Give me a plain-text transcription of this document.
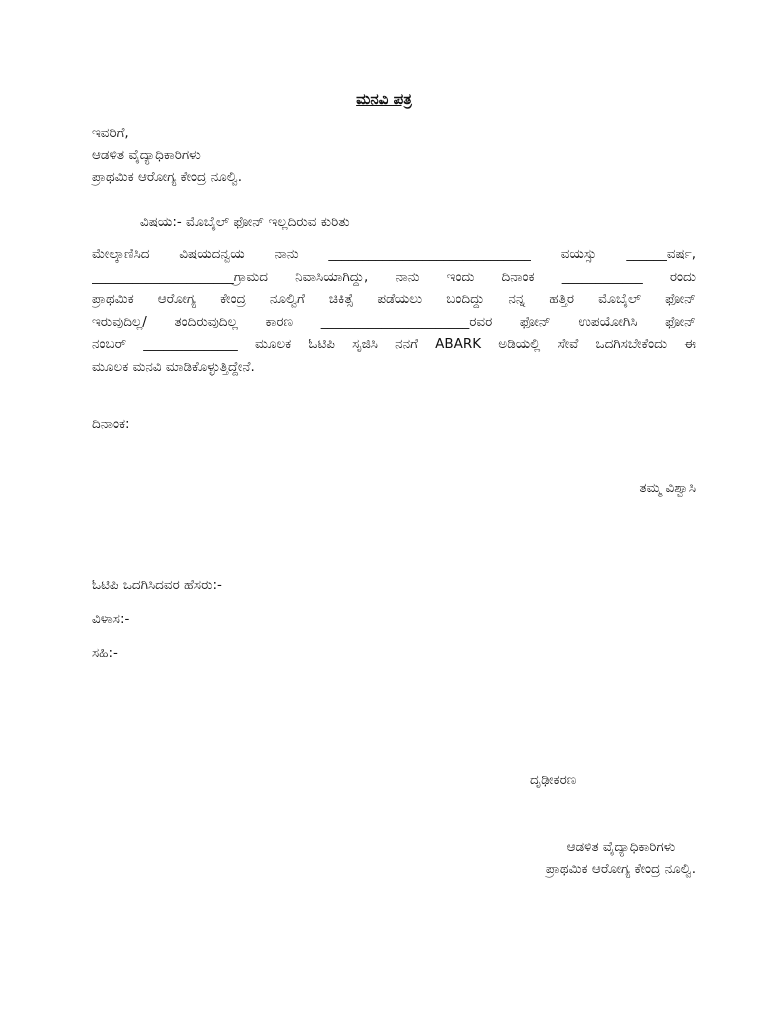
ಮನವಿ ಪತ್ರ
ಇವರಿಗೆ,
ಆಡಳಿತ ವೈದ್ಯಾಧಿಕಾರಿಗಳು
ಪ್ರಾಥಮಿಕ ಆರೋಗ್ಯ ಕೇಂದ್ರ ನೂಲ್ವಿ.
ವಿಷಯ:- ಮೊಬೈಲ್ ಫೋನ್ ಇಲ್ಲದಿರುವ ಕುರಿತು
ಮೇಲ್ಕಾಣಿಸಿದ ವಿಷಯದನ್ವಯ ನಾನು ______________________________ ವಯಸ್ಸು ______ವರ್ಷ,
_____________________ಗ್ರಾಮದ ನಿವಾಸಿಯಾಗಿದ್ದು, ನಾನು ಇಂದು ದಿನಾಂಕ ____________ ರಂದು
ಪ್ರಾಥಮಿಕ ಆರೋಗ್ಯ ಕೇಂದ್ರ ನೂಲ್ವಿಗೆ ಚಿಕಿತ್ಸೆ ಪಡೆಯಲು ಬಂದಿದ್ದು ನನ್ನ ಹತ್ತಿರ ಮೊಬೈಲ್ ಫೋನ್
ಇರುವುದಿಲ್ಲ/ ತಂದಿರುವುದಿಲ್ಲ ಕಾರಣ ______________________ರವರ ಫೋನ್ ಉಪಯೋಗಿಸಿ ಫೋನ್
ನಂಬರ್ ______________ ಮೂಲಕ ಓಟಿಪಿ ಸೃಜಿಸಿ ನನಗೆ ABARK ಅಡಿಯಲ್ಲಿ ಸೇವೆ ಒದಗಿಸಬೇಕೆಂದು ಈ
ಮೂಲಕ ಮನವಿ ಮಾಡಿಕೊಳ್ಳುತ್ತಿದ್ದೇನೆ.
ದಿನಾಂಕ:
ತಮ್ಮ ವಿಶ್ವಾಸಿ
ಓಟಿಪಿ ಒದಗಿಸಿದವರ ಹೆಸರು:-
ವಿಳಾಸ:-
ಸಹಿ:-
ದೃಢೀಕರಣ
ಆಡಳಿತ ವೈದ್ಯಾಧಿಕಾರಿಗಳು
ಪ್ರಾಥಮಿಕ ಆರೋಗ್ಯ ಕೇಂದ್ರ ನೂಲ್ವಿ.
